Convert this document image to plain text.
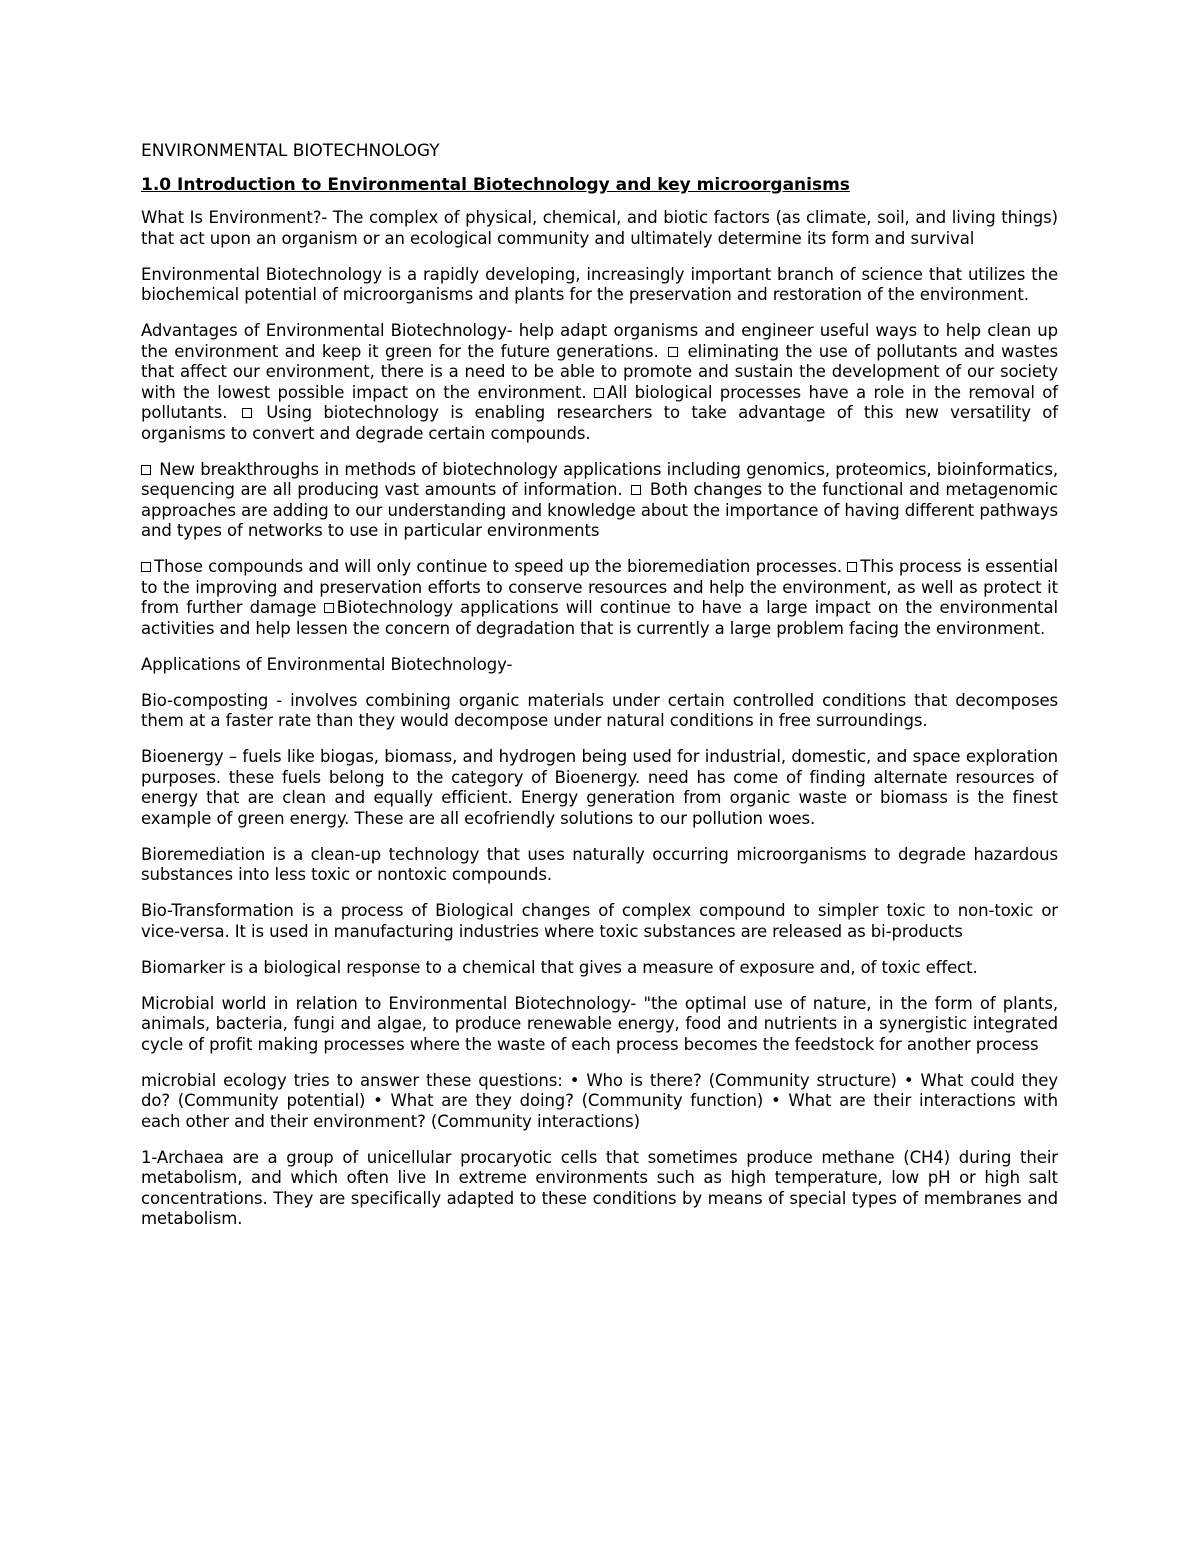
ENVIRONMENTAL BIOTECHNOLOGY
1.0 Introduction to Environmental Biotechnology and key microorganisms

What Is Environment?- The complex of physical, chemical, and biotic factors (as climate, soil, and living things) that act upon an organism or an ecological community and ultimately determine its form and survival

Environmental Biotechnology is a rapidly developing, increasingly important branch of science that utilizes the biochemical potential of microorganisms and plants for the preservation and restoration of the environment.

Advantages of Environmental Biotechnology- help adapt organisms and engineer useful ways to help clean up the environment and keep it green for the future generations. eliminating the use of pollutants and wastes that affect our environment, there is a need to be able to promote and sustain the development of our society with the lowest possible impact on the environment. All biological processes have a role in the removal of pollutants. Using biotechnology is enabling researchers to take advantage of this new versatility of organisms to convert and degrade certain compounds.

New breakthroughs in methods of biotechnology applications including genomics, proteomics, bioinformatics, sequencing are all producing vast amounts of information. Both changes to the functional and metagenomic approaches are adding to our understanding and knowledge about the importance of having different pathways and types of networks to use in particular environments

Those compounds and will only continue to speed up the bioremediation processes. This process is essential to the improving and preservation efforts to conserve resources and help the environment, as well as protect it from further damage Biotechnology applications will continue to have a large impact on the environmental activities and help lessen the concern of degradation that is currently a large problem facing the environment.

Applications of Environmental Biotechnology-

Bio-composting - involves combining organic materials under certain controlled conditions that decomposes them at a faster rate than they would decompose under natural conditions in free surroundings.

Bioenergy – fuels like biogas, biomass, and hydrogen being used for industrial, domestic, and space exploration purposes. these fuels belong to the category of Bioenergy. need has come of finding alternate resources of energy that are clean and equally efficient. Energy generation from organic waste or biomass is the finest example of green energy. These are all ecofriendly solutions to our pollution woes.

Bioremediation is a clean-up technology that uses naturally occurring microorganisms to degrade hazardous substances into less toxic or nontoxic compounds.

Bio-Transformation is a process of Biological changes of complex compound to simpler toxic to non-toxic or vice-versa. It is used in manufacturing industries where toxic substances are released as bi-products

Biomarker is a biological response to a chemical that gives a measure of exposure and, of toxic effect.

Microbial world in relation to Environmental Biotechnology- "the optimal use of nature, in the form of plants, animals, bacteria, fungi and algae, to produce renewable energy, food and nutrients in a synergistic integrated cycle of profit making processes where the waste of each process becomes the feedstock for another process

microbial ecology tries to answer these questions: • Who is there? (Community structure) • What could they do? (Community potential) • What are they doing? (Community function) • What are their interactions with each other and their environment? (Community interactions)

1-Archaea are a group of unicellular procaryotic cells that sometimes produce methane (CH4) during their metabolism, and which often live In extreme environments such as high temperature, low pH or high salt concentrations. They are specifically adapted to these conditions by means of special types of membranes and metabolism.
